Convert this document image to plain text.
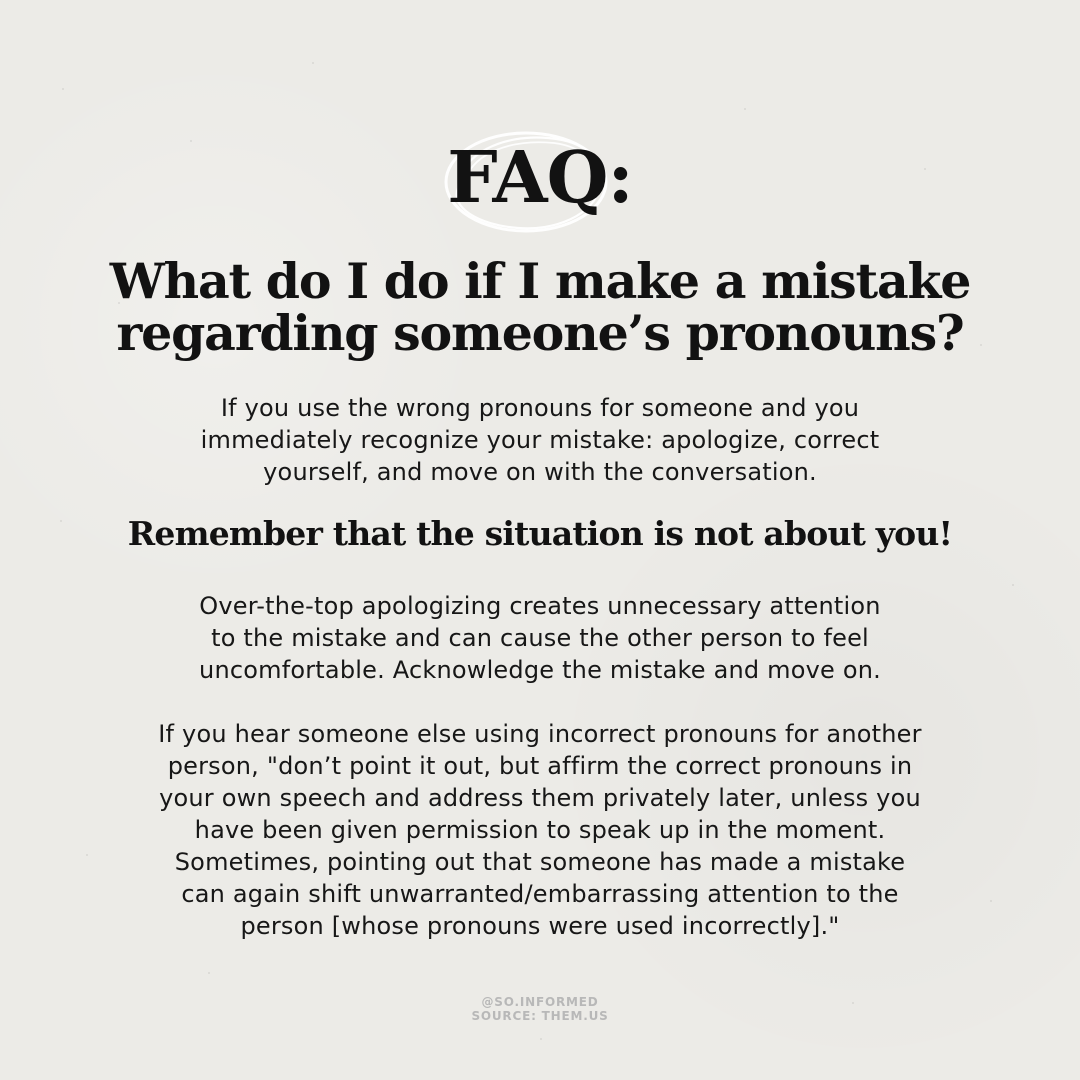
FAQ:
What do I do if I make a mistake
regarding someone’s pronouns?
If you use the wrong pronouns for someone and you
immediately recognize your mistake: apologize, correct
yourself, and move on with the conversation.
Remember that the situation is not about you!
Over-the-top apologizing creates unnecessary attention
to the mistake and can cause the other person to feel
uncomfortable. Acknowledge the mistake and move on.
If you hear someone else using incorrect pronouns for another
person, "don’t point it out, but affirm the correct pronouns in
your own speech and address them privately later, unless you
have been given permission to speak up in the moment.
Sometimes, pointing out that someone has made a mistake
can again shift unwarranted/embarrassing attention to the
person [whose pronouns were used incorrectly]."
@SO.INFORMED
SOURCE: THEM.US
